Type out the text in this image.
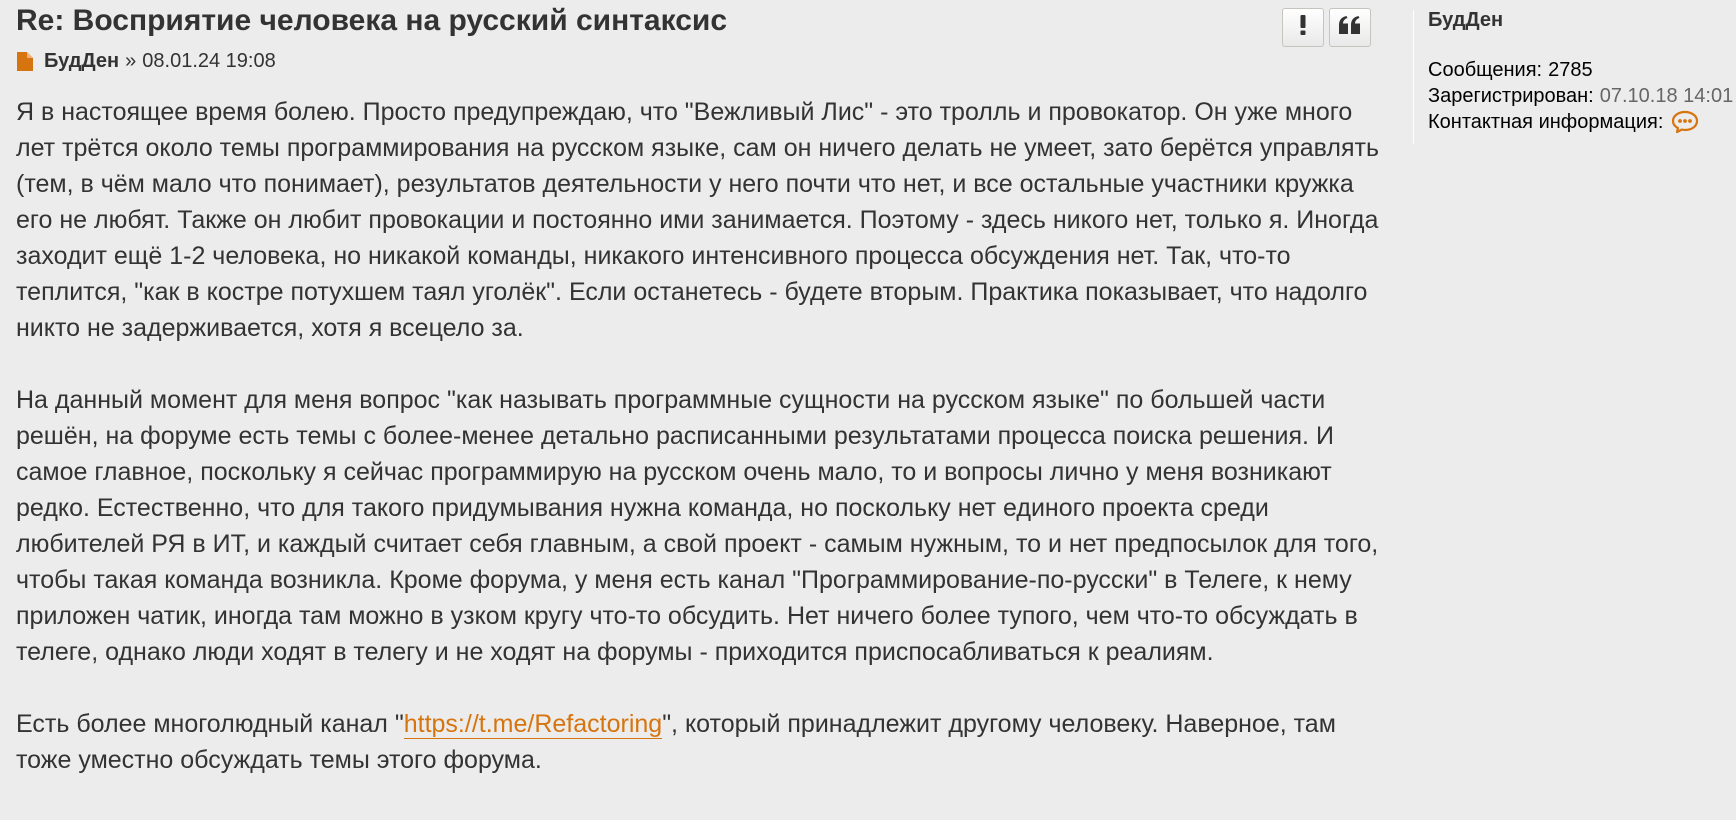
Re: Восприятие человека на русский синтаксис
БудДен » 08.01.24 19:08

Я в настоящее время болею. Просто предупреждаю, что "Вежливый Лис" - это тролль и провокатор. Он уже много лет трётся около темы программирования на русском языке, сам он ничего делать не умеет, зато берётся управлять (тем, в чём мало что понимает), результатов деятельности у него почти что нет, и все остальные участники кружка его не любят. Также он любит провокации и постоянно ими занимается. Поэтому - здесь никого нет, только я. Иногда заходит ещё 1-2 человека, но никакой команды, никакого интенсивного процесса обсуждения нет. Так, что-то теплится, "как в костре потухшем таял уголёк". Если останетесь - будете вторым. Практика показывает, что надолго никто не задерживается, хотя я всецело за.

На данный момент для меня вопрос "как называть программные сущности на русском языке" по большей части решён, на форуме есть темы с более-менее детально расписанными результатами процесса поиска решения. И самое главное, поскольку я сейчас программирую на русском очень мало, то и вопросы лично у меня возникают редко. Естественно, что для такого придумывания нужна команда, но поскольку нет единого проекта среди любителей РЯ в ИТ, и каждый считает себя главным, а свой проект - самым нужным, то и нет предпосылок для того, чтобы такая команда возникла. Кроме форума, у меня есть канал "Программирование-по-русски" в Телеге, к нему приложен чатик, иногда там можно в узком кругу что-то обсудить. Нет ничего более тупого, чем что-то обсуждать в телеге, однако люди ходят в телегу и не ходят на форумы - приходится приспосабливаться к реалиям.

Есть более многолюдный канал "https://t.me/Refactoring", который принадлежит другому человеку. Наверное, там тоже уместно обсуждать темы этого форума.

БудДен
Сообщения: 2785
Зарегистрирован: 07.10.18 14:01
Контактная информация:
